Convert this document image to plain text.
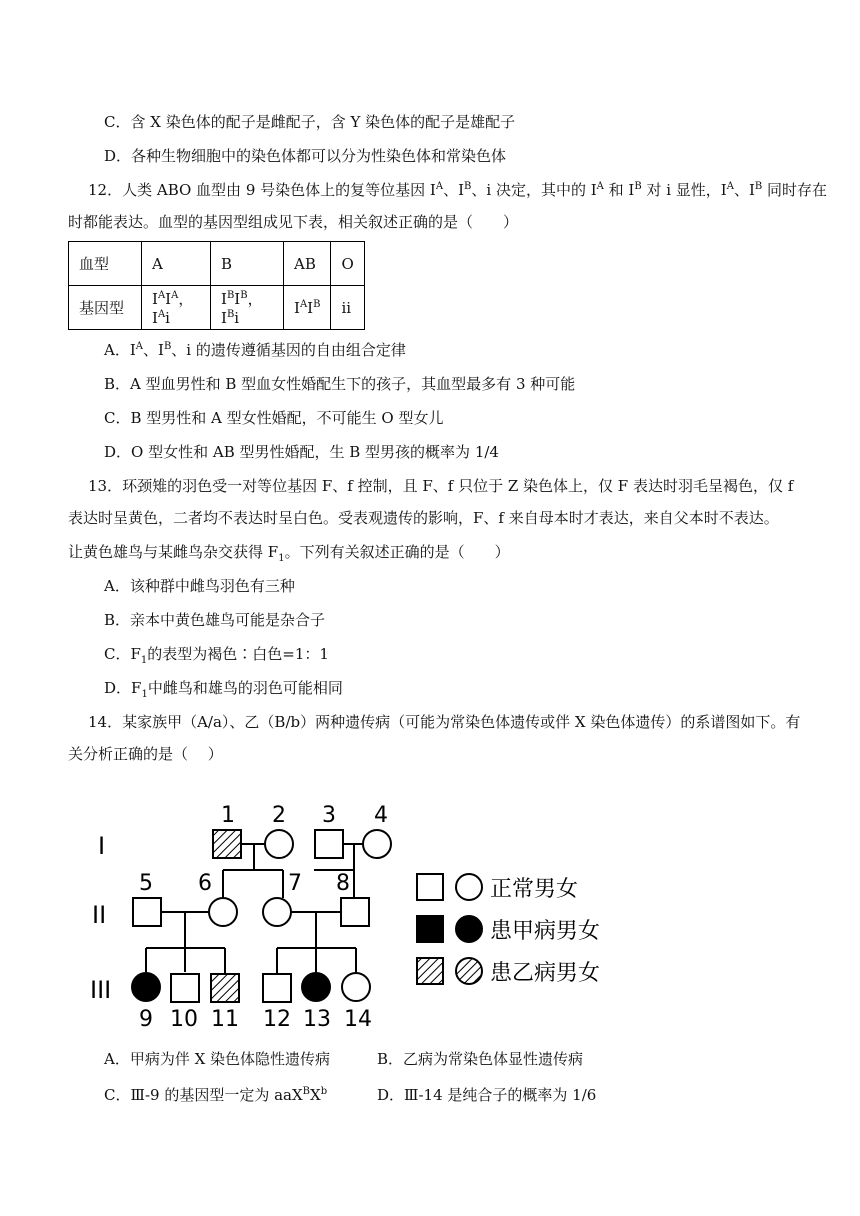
C．含 X 染色体的配子是雌配子，含 Y 染色体的配子是雄配子
D．各种生物细胞中的染色体都可以分为性染色体和常染色体
12．人类 ABO 血型由 9 号染色体上的复等位基因 $I^A$、$I^B$、i 决定，其中的 $I^A$ 和 $I^B$ 对 i 显性，$I^A$、$I^B$ 同时存在
时都能表达。血型的基因型组成见下表，相关叙述正确的是（　　）
血型	A	B	AB	O
基因型	$I^AI^A$，$I^Ai$	$I^BI^B$，$I^Bi$	$I^AI^B$	ii
A．$I^A$、$I^B$、i 的遗传遵循基因的自由组合定律
B．A 型血男性和 B 型血女性婚配生下的孩子，其血型最多有 3 种可能
C．B 型男性和 A 型女性婚配，不可能生 O 型女儿
D．O 型女性和 AB 型男性婚配，生 B 型男孩的概率为 1/4
13．环颈雉的羽色受一对等位基因 F、f 控制，且 F、f 只位于 Z 染色体上，仅 F 表达时羽毛呈褐色，仅 f
表达时呈黄色，二者均不表达时呈白色。受表观遗传的影响，F、f 来自母本时才表达，来自父本时不表达。
让黄色雄鸟与某雌鸟杂交获得 $F_1$。下列有关叙述正确的是（　　）
A．该种群中雌鸟羽色有三种
B．亲本中黄色雄鸟可能是杂合子
C．$F_1$的表型为褐色∶白色=1：1
D．$F_1$中雌鸟和雄鸟的羽色可能相同
14．某家族甲（A/a）、乙（B/b）两种遗传病（可能为常染色体遗传或伴 X 染色体遗传）的系谱图如下。有
关分析正确的是（　 ）
I
II
III
1 2 3 4
5 6	7 8
9 10 11 12 13 14
正常男女
患甲病男女
患乙病男女
A．甲病为伴 X 染色体隐性遗传病	B．乙病为常染色体显性遗传病
C．Ⅲ-9 的基因型一定为 $aaX^BX^b$	D．Ⅲ-14 是纯合子的概率为 1/6
